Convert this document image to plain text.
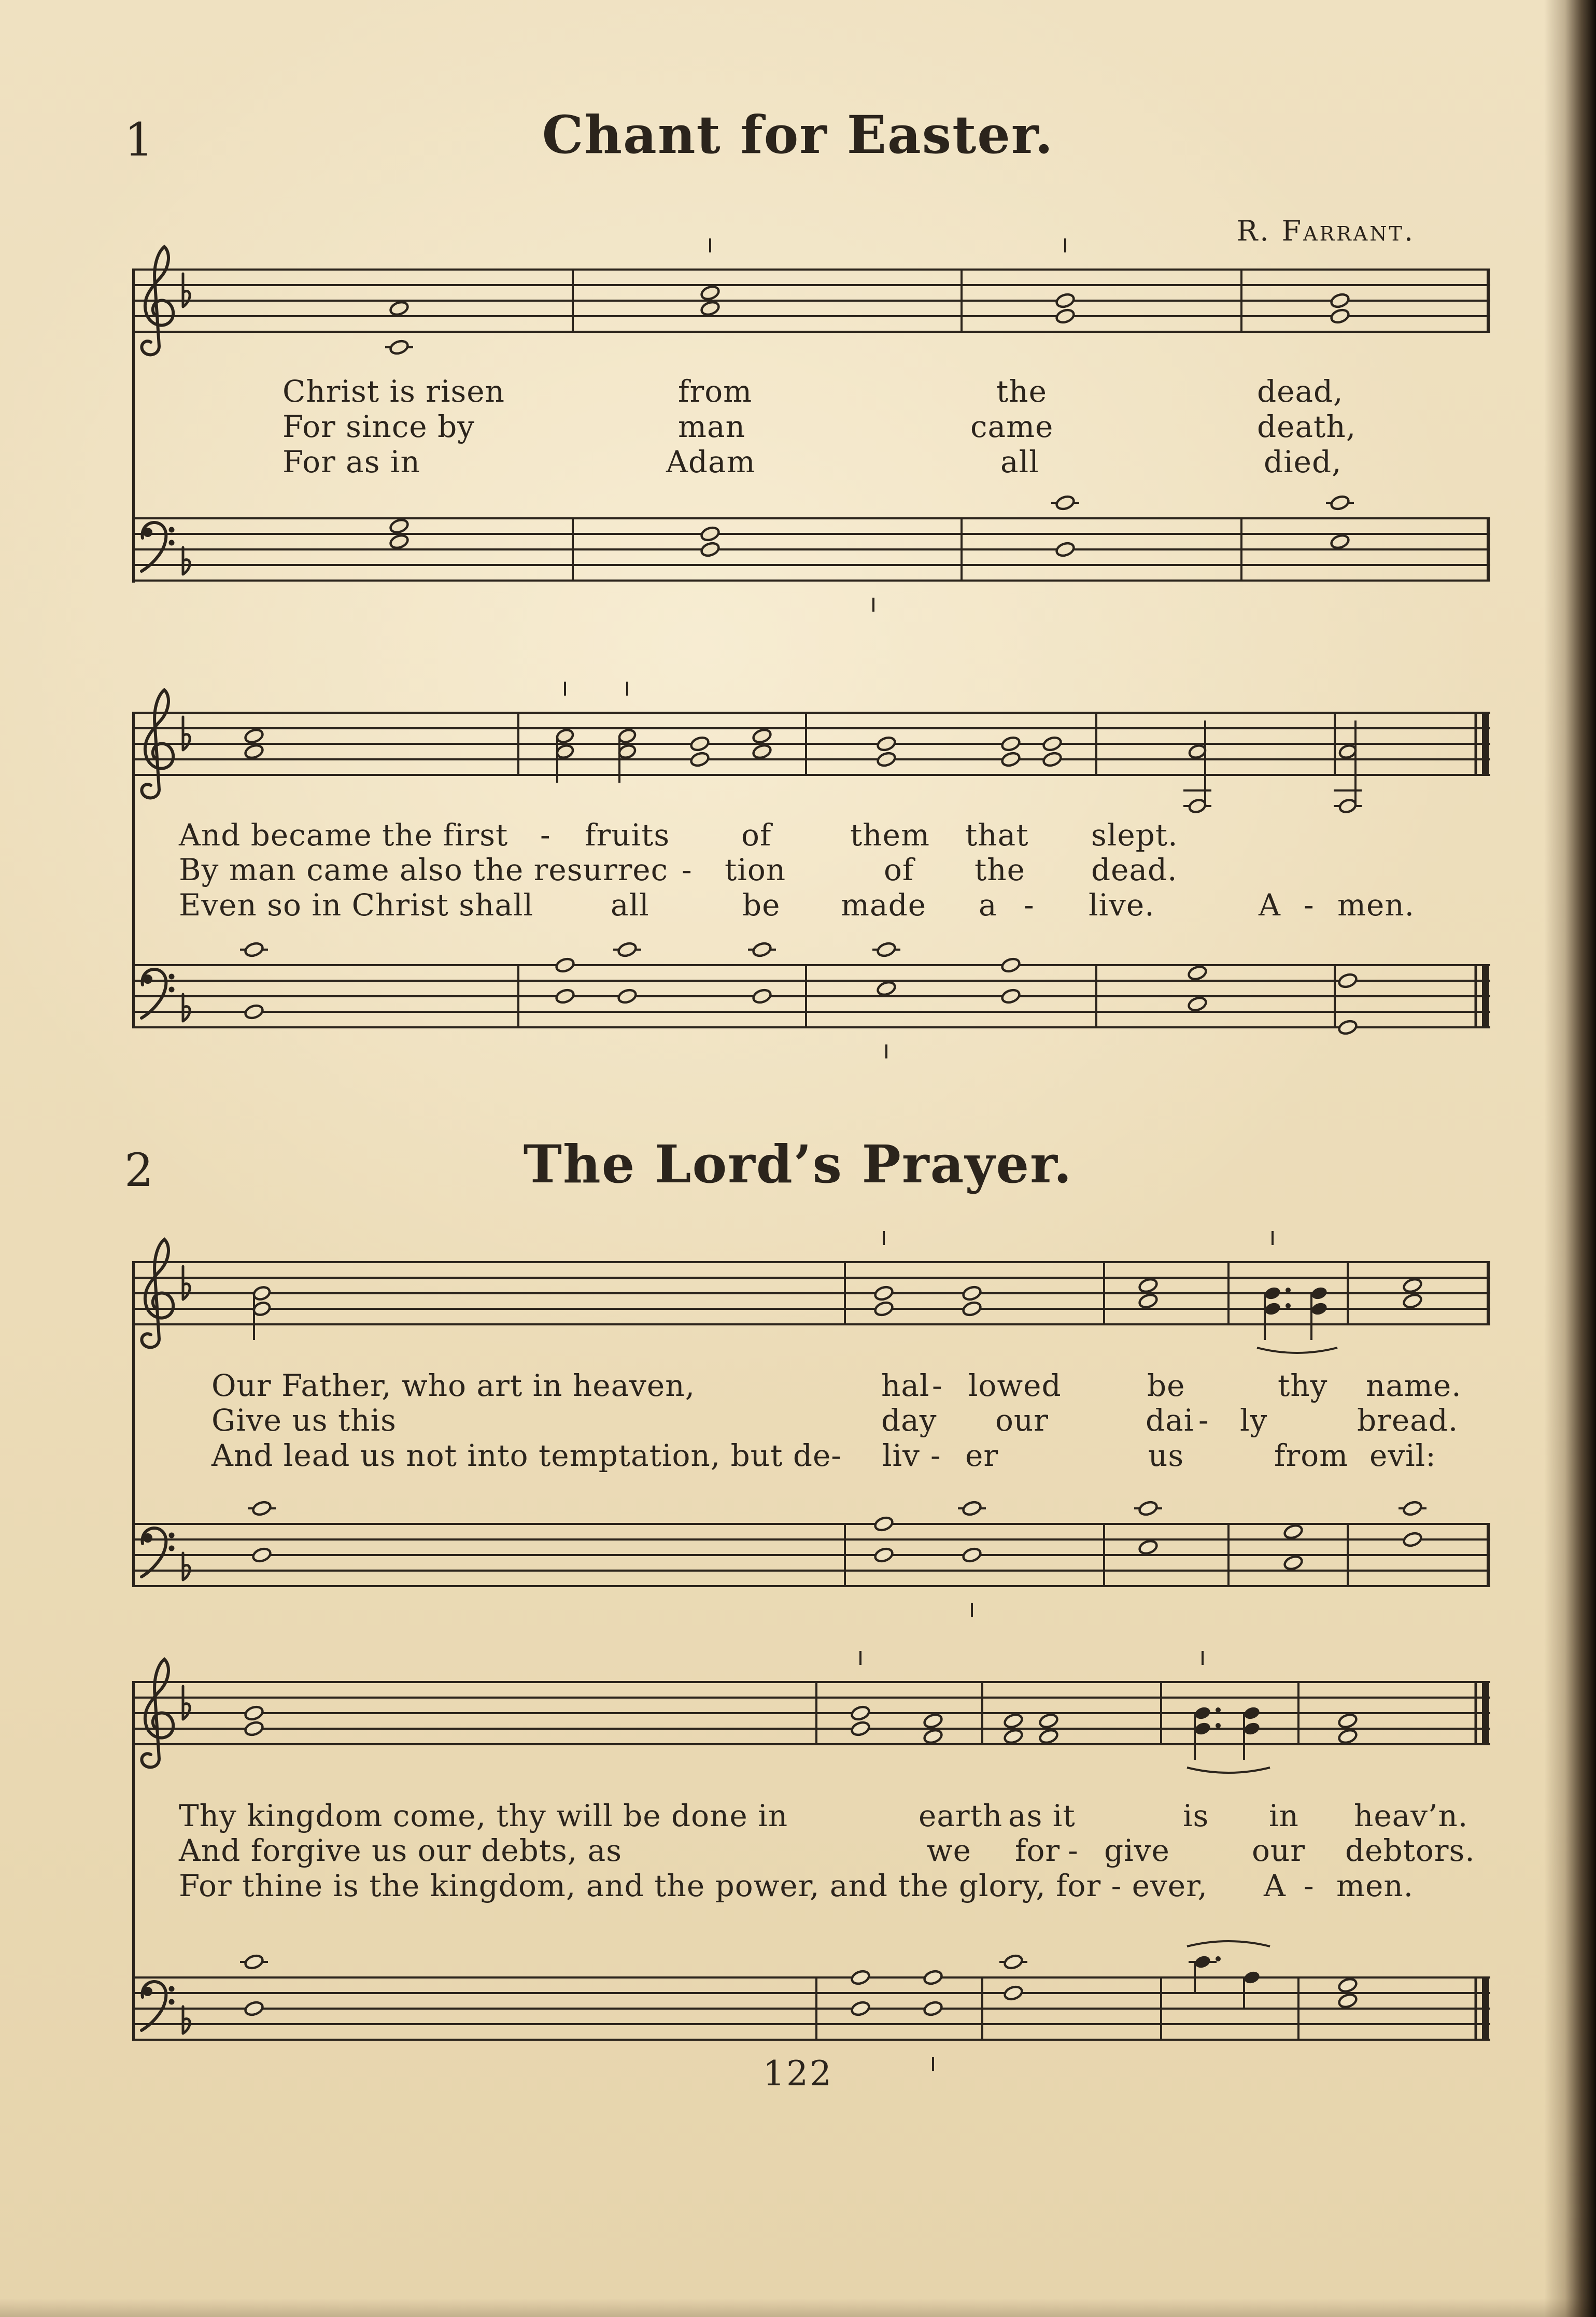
1	Chant for Easter.
R. Farrant.
Christ is risen	from	the	dead,
For since by	man	came	death,
For as in	Adam	all	died,
And became the first - fruits of	them that slept.
By man came also the resurrec - tion	of the dead.
Even so in Christ shall	all	be made a - live.	A - men.
2	The Lord’s Prayer.
Our Father, who art in heaven,	hal - lowed	be	thy name.
Give us this	day our	dai - ly	bread.
And lead us not into temptation, but de- liv - er	us	from evil:
Thy kingdom come, thy will be done in	earth as it	is in heav’n.
And forgive us our debts, as	we for - give	our debtors.
For thine is the kingdom, and the power, and the glory, for - ever, A - men.
122
